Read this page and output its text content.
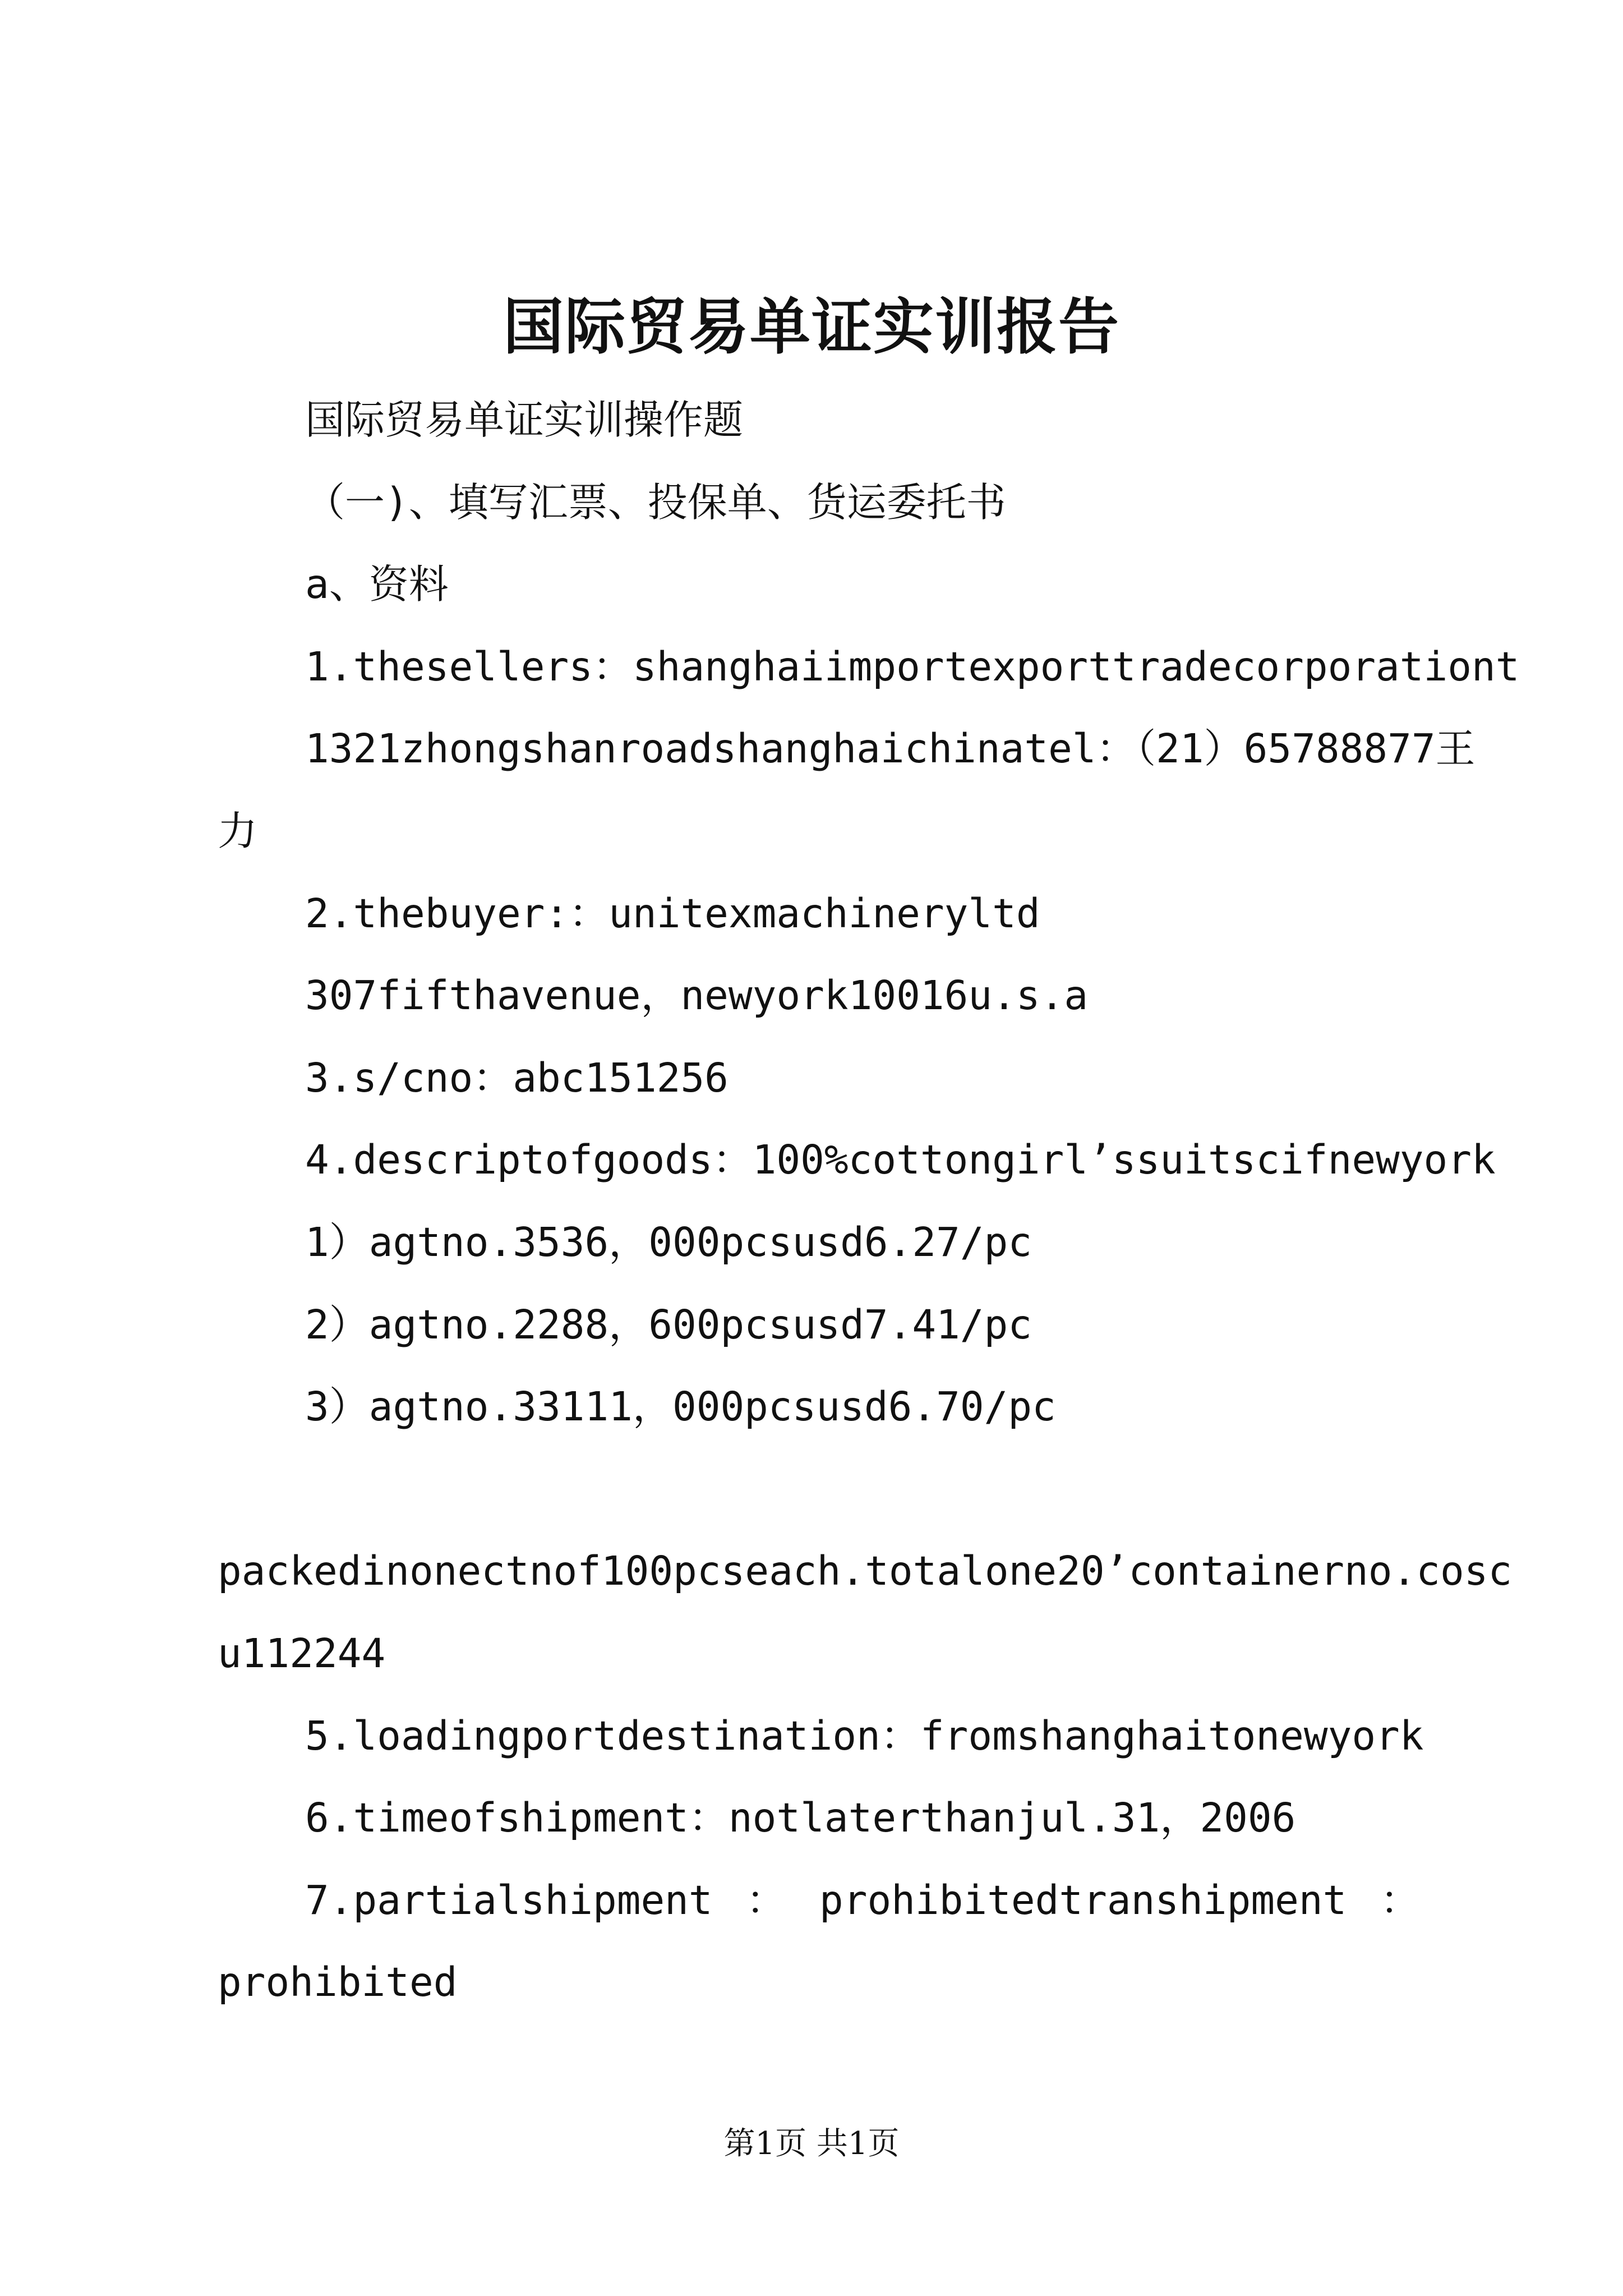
国际贸易单证实训报告
国际贸易单证实训操作题
（一)、填写汇票、投保单、货运委托书
a、资料
1.thesellers：shanghaiimportexporttradecorporationt
1321zhongshanroadshanghaichinatel：（21）65788877王
力
2.thebuyer:：unitexmachineryltd
307fifthavenue，newyork10016u.s.a
3.s/cno：abc151256
4.descriptofgoods：100%cottongirl’ssuitscifnewyork
1）agtno.3536，000pcsusd6.27/pc
2）agtno.2288，600pcsusd7.41/pc
3）agtno.33111，000pcsusd6.70/pc
packedinonectnof100pcseach.totalone20’containerno.cosc
u112244
5.loadingportdestination：fromshanghaitonewyork
6.timeofshipment：notlaterthanjul.31，2006
7.partialshipment ： prohibitedtranshipment ：
prohibited
第1页 共1页
